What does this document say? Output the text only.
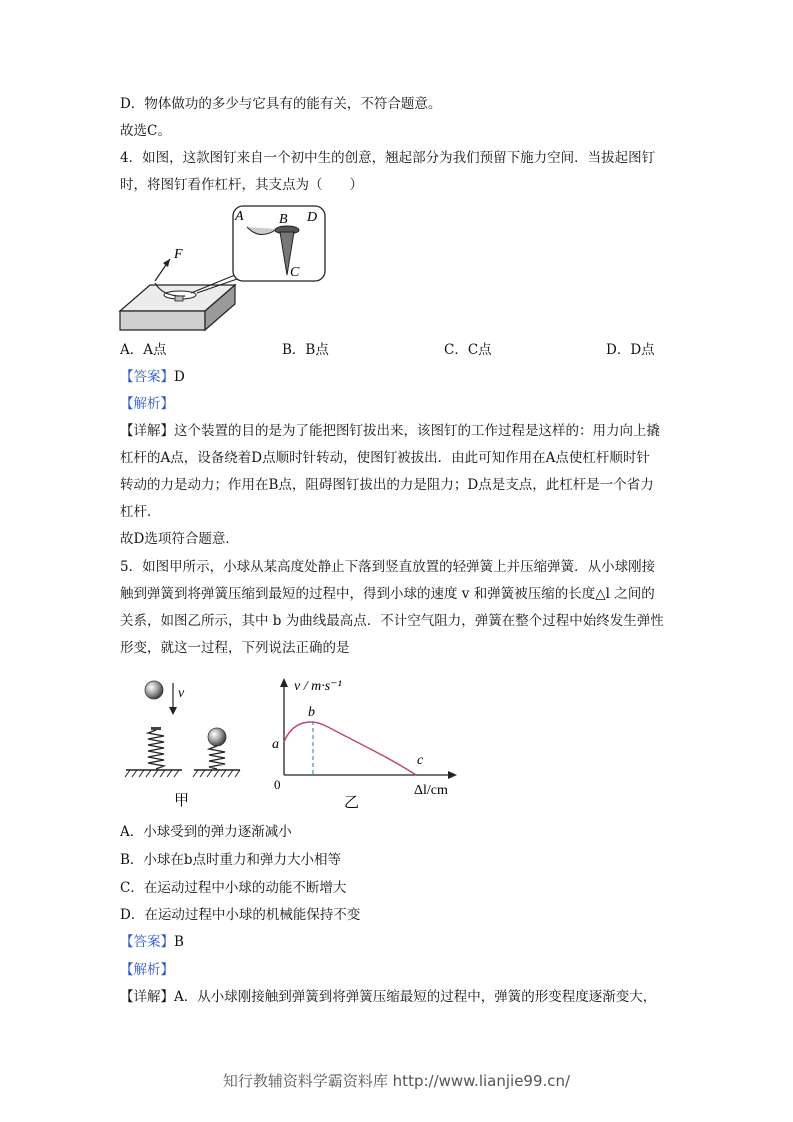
D．物体做功的多少与它具有的能有关，不符合题意。
故选C。
4．如图，这款图钉来自一个初中生的创意，翘起部分为我们预留下施力空间．当拔起图钉
时，将图钉看作杠杆，其支点为（　　）
F
A	B D
C
A．A点	B．B点	C．C点	D．D点
【答案】D
【解析】
【详解】这个装置的目的是为了能把图钉拔出来，该图钉的工作过程是这样的：用力向上撬
杠杆的A点，设备绕着D点顺时针转动，使图钉被拔出．由此可知作用在A点使杠杆顺时针
转动的力是动力；作用在B点，阻碍图钉拔出的力是阻力；D点是支点，此杠杆是一个省力
杠杆．
故D选项符合题意．
5．如图甲所示，小球从某高度处静止下落到竖直放置的轻弹簧上并压缩弹簧．从小球刚接
触到弹簧到将弹簧压缩到最短的过程中，得到小球的速度 v 和弹簧被压缩的长度△l 之间的
关系，如图乙所示，其中 b 为曲线最高点．不计空气阻力，弹簧在整个过程中始终发生弹性
形变，就这一过程，下列说法正确的是
v
甲
v / m·s⁻¹
0
a
b
c
Δl/cm
乙
A．小球受到的弹力逐渐减小
B．小球在b点时重力和弹力大小相等
C．在运动过程中小球的动能不断增大
D．在运动过程中小球的机械能保持不变
【答案】B
【解析】
【详解】A．从小球刚接触到弹簧到将弹簧压缩最短的过程中，弹簧的形变程度逐渐变大，
知行教辅资料学霸资料库 http://www.lianjie99.cn/
